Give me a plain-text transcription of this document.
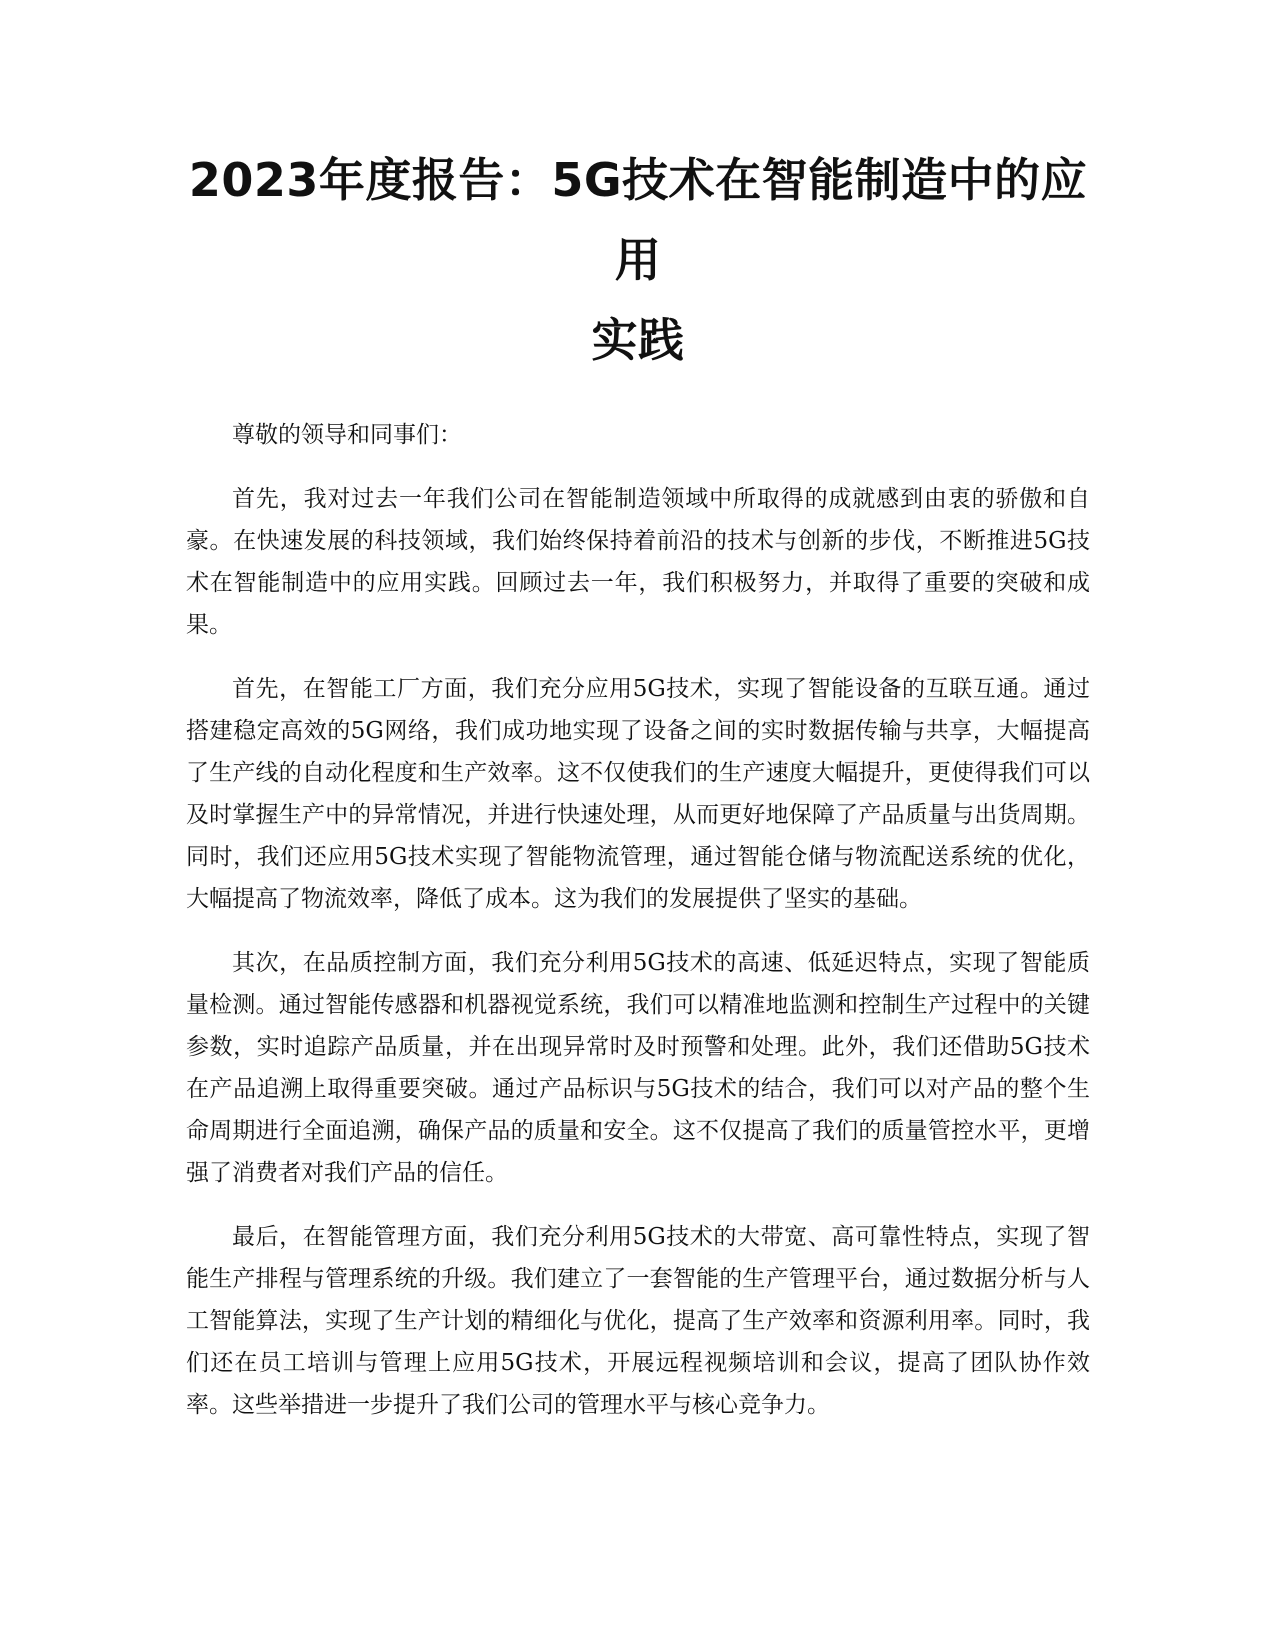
2023年度报告：5G技术在智能制造中的应用
实践

尊敬的领导和同事们：

首先，我对过去一年我们公司在智能制造领域中所取得的成就感到由衷的骄傲和自豪。在快速发展的科技领域，我们始终保持着前沿的技术与创新的步伐，不断推进5G技术在智能制造中的应用实践。回顾过去一年，我们积极努力，并取得了重要的突破和成果。

首先，在智能工厂方面，我们充分应用5G技术，实现了智能设备的互联互通。通过搭建稳定高效的5G网络，我们成功地实现了设备之间的实时数据传输与共享，大幅提高了生产线的自动化程度和生产效率。这不仅使我们的生产速度大幅提升，更使得我们可以及时掌握生产中的异常情况，并进行快速处理，从而更好地保障了产品质量与出货周期。同时，我们还应用5G技术实现了智能物流管理，通过智能仓储与物流配送系统的优化，大幅提高了物流效率，降低了成本。这为我们的发展提供了坚实的基础。

其次，在品质控制方面，我们充分利用5G技术的高速、低延迟特点，实现了智能质量检测。通过智能传感器和机器视觉系统，我们可以精准地监测和控制生产过程中的关键参数，实时追踪产品质量，并在出现异常时及时预警和处理。此外，我们还借助5G技术在产品追溯上取得重要突破。通过产品标识与5G技术的结合，我们可以对产品的整个生命周期进行全面追溯，确保产品的质量和安全。这不仅提高了我们的质量管控水平，更增强了消费者对我们产品的信任。

最后，在智能管理方面，我们充分利用5G技术的大带宽、高可靠性特点，实现了智能生产排程与管理系统的升级。我们建立了一套智能的生产管理平台，通过数据分析与人工智能算法，实现了生产计划的精细化与优化，提高了生产效率和资源利用率。同时，我们还在员工培训与管理上应用5G技术，开展远程视频培训和会议，提高了团队协作效率。这些举措进一步提升了我们公司的管理水平与核心竞争力。
